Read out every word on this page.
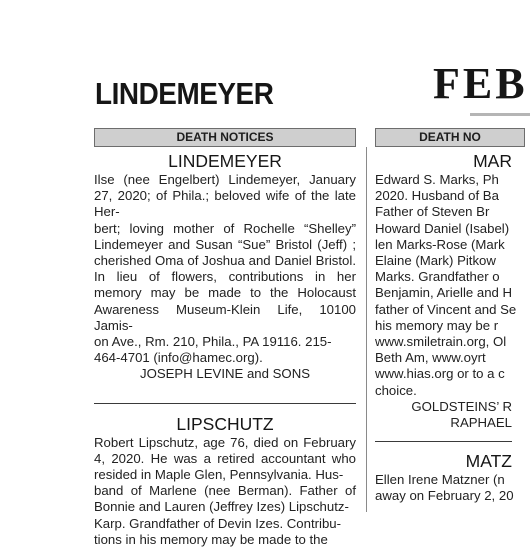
LINDEMEYER	FEB
DEATH NOTICES
LINDEMEYER
Ilse (nee Engelbert) Lindemeyer, January 27, 2020; of Phila.; beloved wife of the late Her-
bert; loving mother of Rochelle “Shelley” Lindemeyer and Susan “Sue” Bristol (Jeff) ; cherished Oma of Joshua and Daniel Bristol. In lieu of flowers, contributions in her memory may be made to the Holocaust Awareness Museum-Klein Life, 10100 Jamis-
on Ave., Rm. 210, Phila., PA 19116. 215-
464-4701 (info@hamec.org).
JOSEPH LEVINE and SONS
LIPSCHUTZ
Robert Lipschutz, age 76, died on February 4, 2020. He was a retired accountant who resided in Maple Glen, Pennsylvania. Hus-
band of Marlene (nee Berman). Father of Bonnie and Lauren (Jeffrey Izes) Lipschutz-
Karp. Grandfather of Devin Izes. Contribu-
tions in his memory may be made to the
DEATH NO
MAR
Edward S. Marks, Ph
2020. Husband of Ba
Father of Steven Br
Howard Daniel (Isabel)
len Marks-Rose (Mark
Elaine (Mark) Pitkow
Marks. Grandfather o
Benjamin, Arielle and H
father of Vincent and Se
his memory may be r
www.smiletrain.org, Ol
Beth Am, www.oyrt
www.hias.org or to a c
choice.
GOLDSTEINS’ R
RAPHAEL
MATZ
Ellen Irene Matzner (n
away on February 2, 20
